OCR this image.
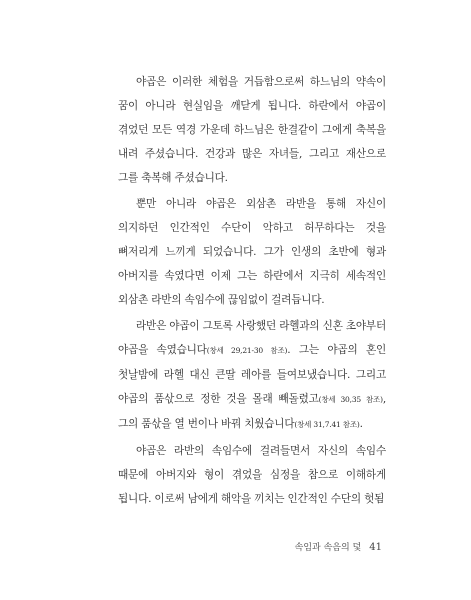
야곱은 이러한 체험을 거듭함으로써 하느님의 약속이 꿈이 아니라 현실임을 깨닫게 됩니다. 하란에서 야곱이 겪었던 모든 역경 가운데 하느님은 한결같이 그에게 축복을 내려 주셨습니다. 건강과 많은 자녀들, 그리고 재산으로 그를 축복해 주셨습니다.

뿐만 아니라 야곱은 외삼촌 라반을 통해 자신이 의지하던 인간적인 수단이 악하고 허무하다는 것을 뼈저리게 느끼게 되었습니다. 그가 인생의 초반에 형과 아버지를 속였다면 이제 그는 하란에서 지극히 세속적인 외삼촌 라반의 속임수에 끊임없이 걸려듭니다.

라반은 야곱이 그토록 사랑했던 라헬과의 신혼 초야부터 야곱을 속였습니다(창세 29,21-30 참조). 그는 야곱의 혼인 첫날밤에 라헬 대신 큰딸 레아를 들여보냈습니다. 그리고 야곱의 품삯으로 정한 것을 몰래 빼돌렸고(창세 30,35 참조), 그의 품삯을 열 번이나 바꿔 치웠습니다(창세 31,7.41 참조).

야곱은 라반의 속임수에 걸려들면서 자신의 속임수 때문에 아버지와 형이 겪었을 심정을 참으로 이해하게 됩니다. 이로써 남에게 해악을 끼치는 인간적인 수단의 헛됨

속임과 속음의 덫 41
